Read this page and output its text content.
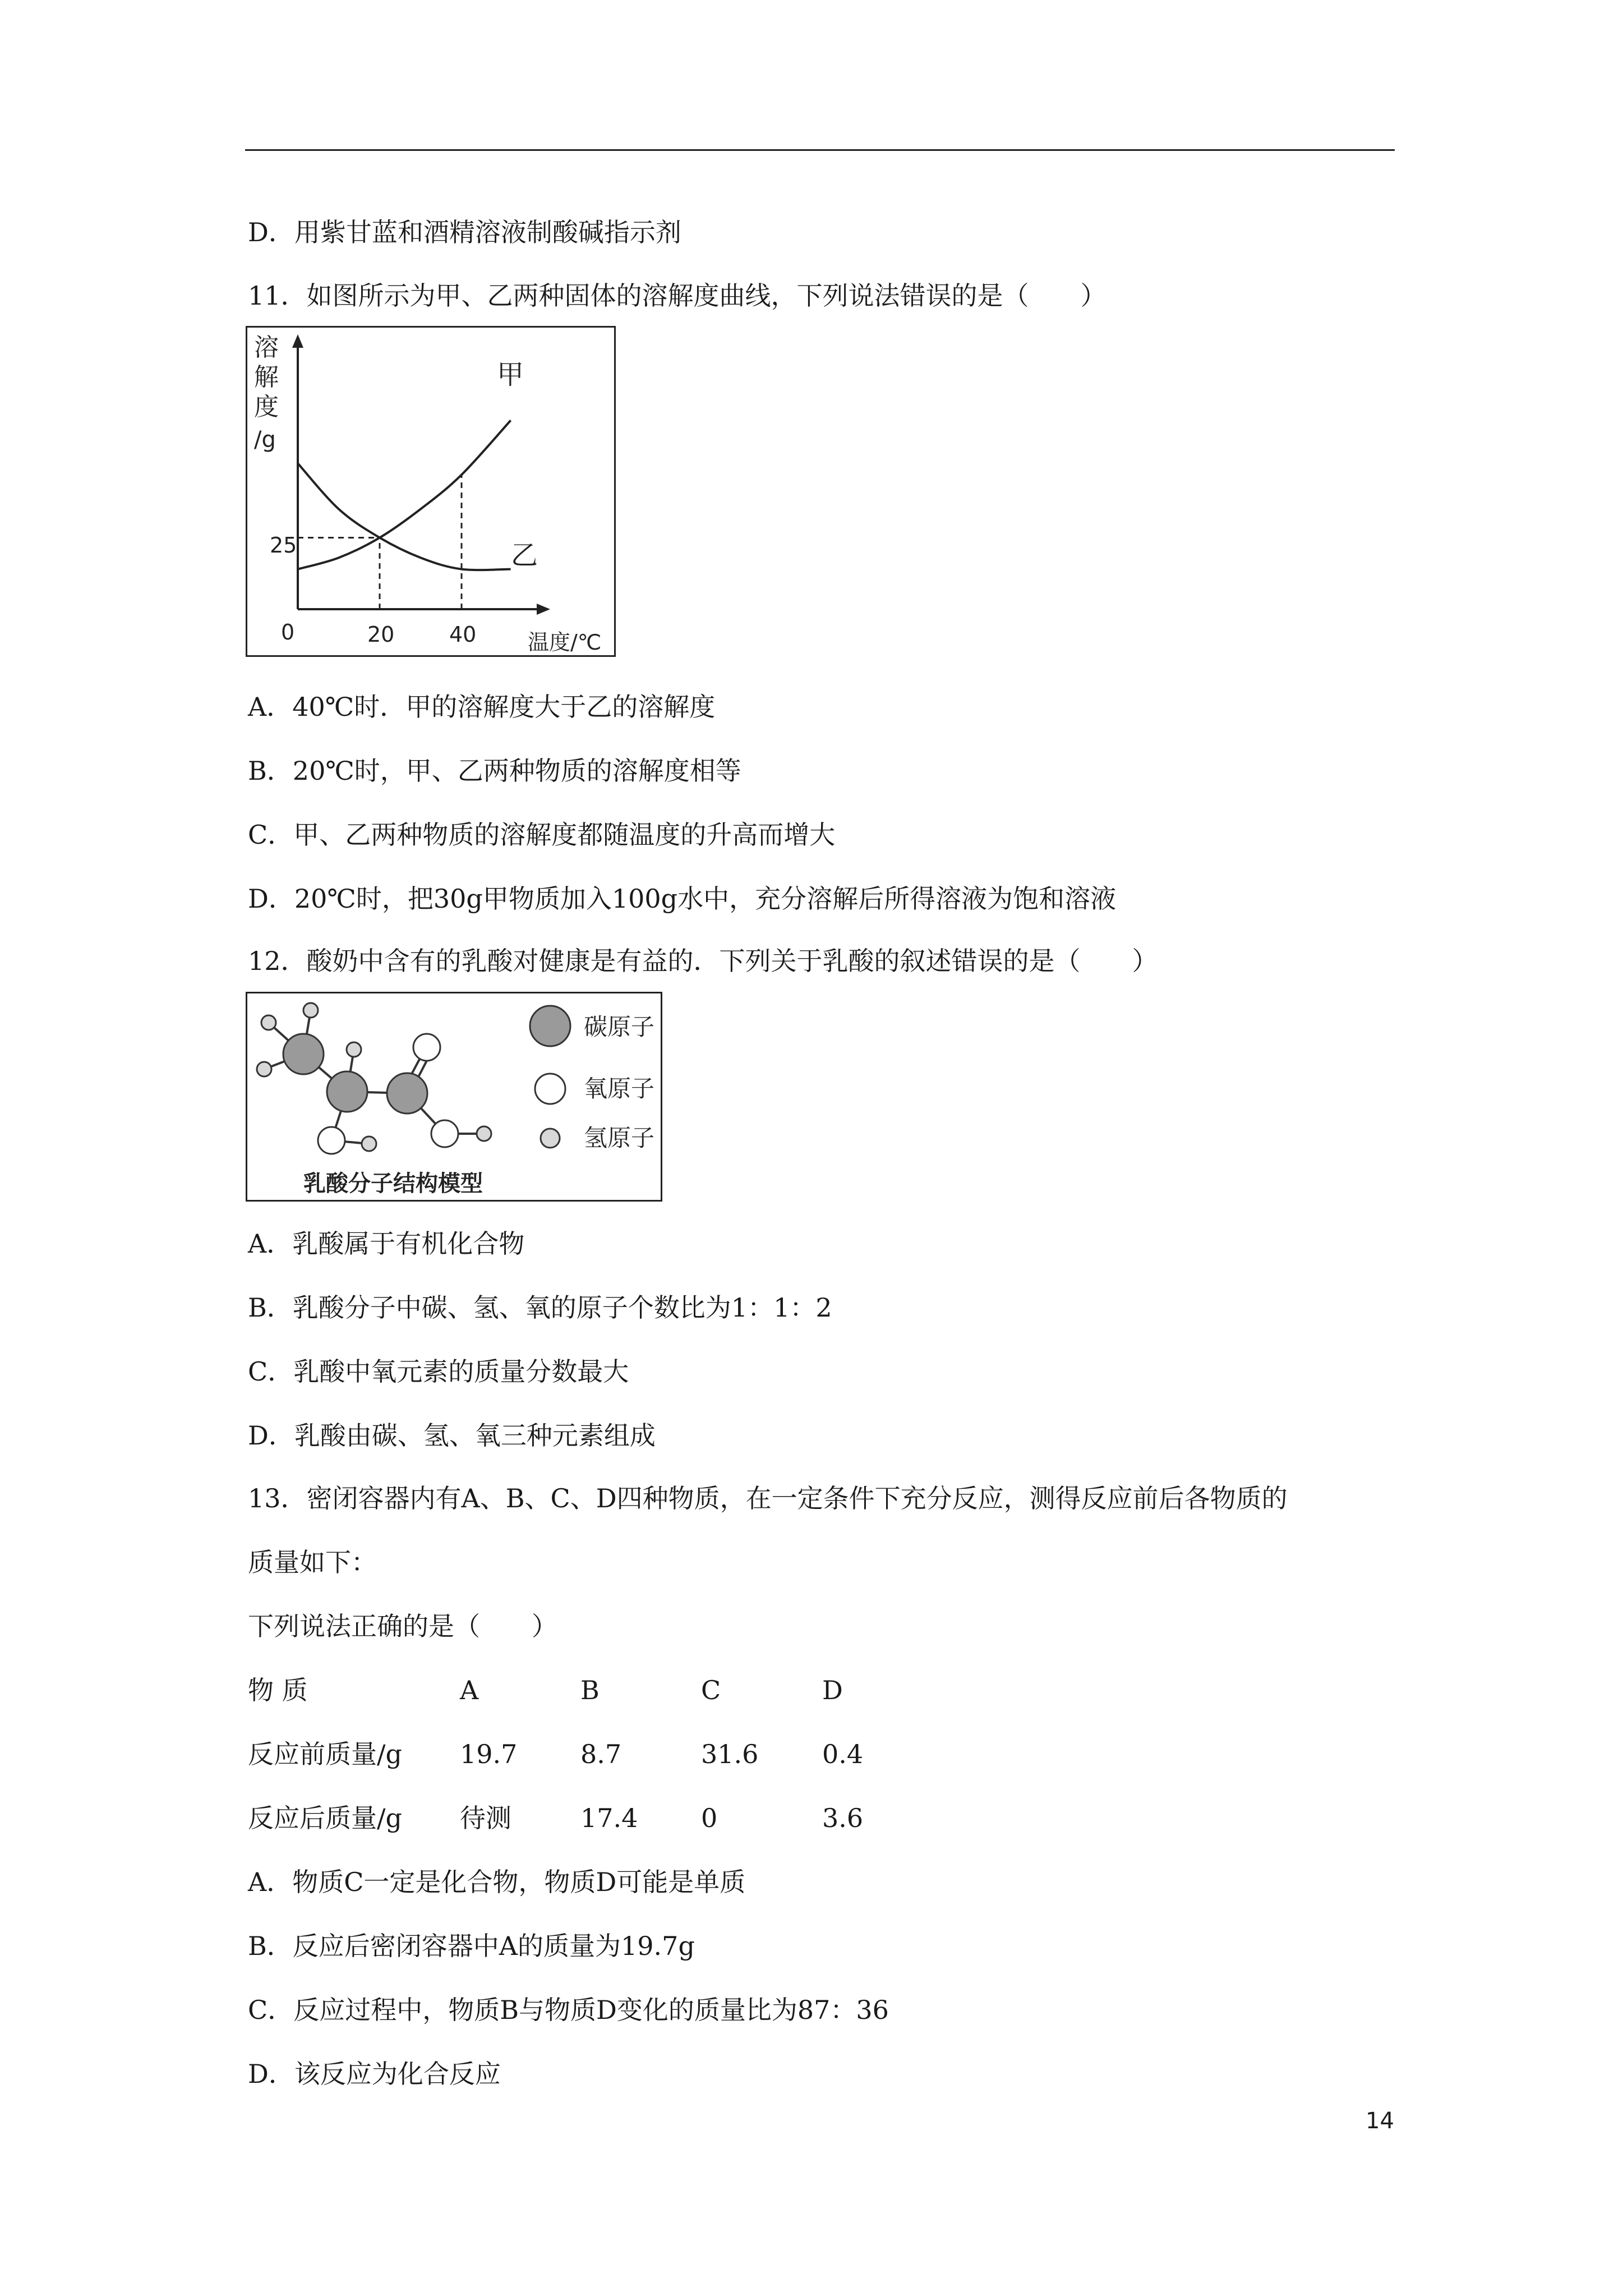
D．用紫甘蓝和酒精溶液制酸碱指示剂
11．如图所示为甲、乙两种固体的溶解度曲线，下列说法错误的是（　　）
溶
解
度
/g
甲
乙
25
0	20	40 温度/℃
A．40℃时．甲的溶解度大于乙的溶解度
B．20℃时，甲、乙两种物质的溶解度相等
C．甲、乙两种物质的溶解度都随温度的升高而增大
D．20℃时，把30g甲物质加入100g水中，充分溶解后所得溶液为饱和溶液
12．酸奶中含有的乳酸对健康是有益的．下列关于乳酸的叙述错误的是（　　）
碳原子
氧原子
氢原子
乳酸分子结构模型
A．乳酸属于有机化合物
B．乳酸分子中碳、氢、氧的原子个数比为1：1：2
C．乳酸中氧元素的质量分数最大
D．乳酸由碳、氢、氧三种元素组成
13．密闭容器内有A、B、C、D四种物质，在一定条件下充分反应，测得反应前后各物质的
质量如下：
下列说法正确的是（　　）
物 质	A	B	C	D
反应前质量/g 19.7 8.7	31.6 0.4
反应后质量/g 待测	17.4 0	3.6
A．物质C一定是化合物，物质D可能是单质
B．反应后密闭容器中A的质量为19.7g
C．反应过程中，物质B与物质D变化的质量比为87：36
D．该反应为化合反应
14
